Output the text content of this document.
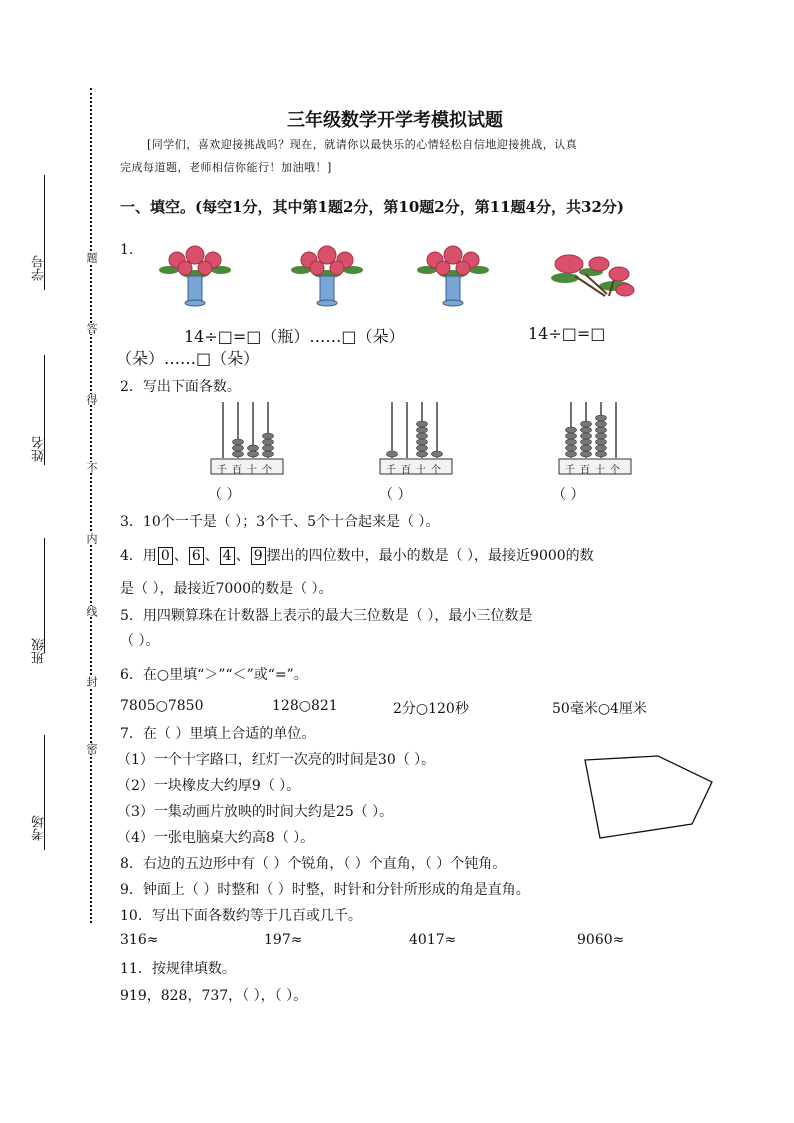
学号
姓名
班级
考场
题
答
得
不
内
线
封
密
三年级数学开学考模拟试题
[同学们，喜欢迎接挑战吗？现在，就请你以最快乐的心情轻松自信地迎接挑战，认真
完成每道题，老师相信你能行！加油哦！]
一、填空。(每空1分，其中第1题2分，第10题2分，第11题4分，共32分)
1.
14÷□=□（瓶）……□（朵）	14÷□=□
（朵）……□（朵）
2．写出下面各数。
千 百 十 个	千 百 十 个	千 百 十 个
（ ）	（ ）	（ ）
3．10个一千是（ ）；3个千、5个十合起来是（ ）。
4．用 0 、 6 、 4 、 9 摆出的四位数中，最小的数是（ ），最接近9000的数
是（ ），最接近7000的数是（ ）。
5．用四颗算珠在计数器上表示的最大三位数是（ ），最小三位数是
（ ）。
6．在○里填“＞”“＜”或“=”。
7805○7850	128○821	2分○120秒	50毫米○4厘米
7．在（ ）里填上合适的单位。
（1）一个十字路口，红灯一次亮的时间是30（ ）。
（2）一块橡皮大约厚9（ ）。
（3）一集动画片放映的时间大约是25（ ）。
（4）一张电脑桌大约高8（ ）。
8．右边的五边形中有（ ）个锐角，（ ）个直角，（ ）个钝角。
9．钟面上（ ）时整和（ ）时整，时针和分针所形成的角是直角。
10．写出下面各数约等于几百或几千。
316≈	197≈	4017≈	9060≈
11．按规律填数。
919，828，737，（ ），（ ）。
